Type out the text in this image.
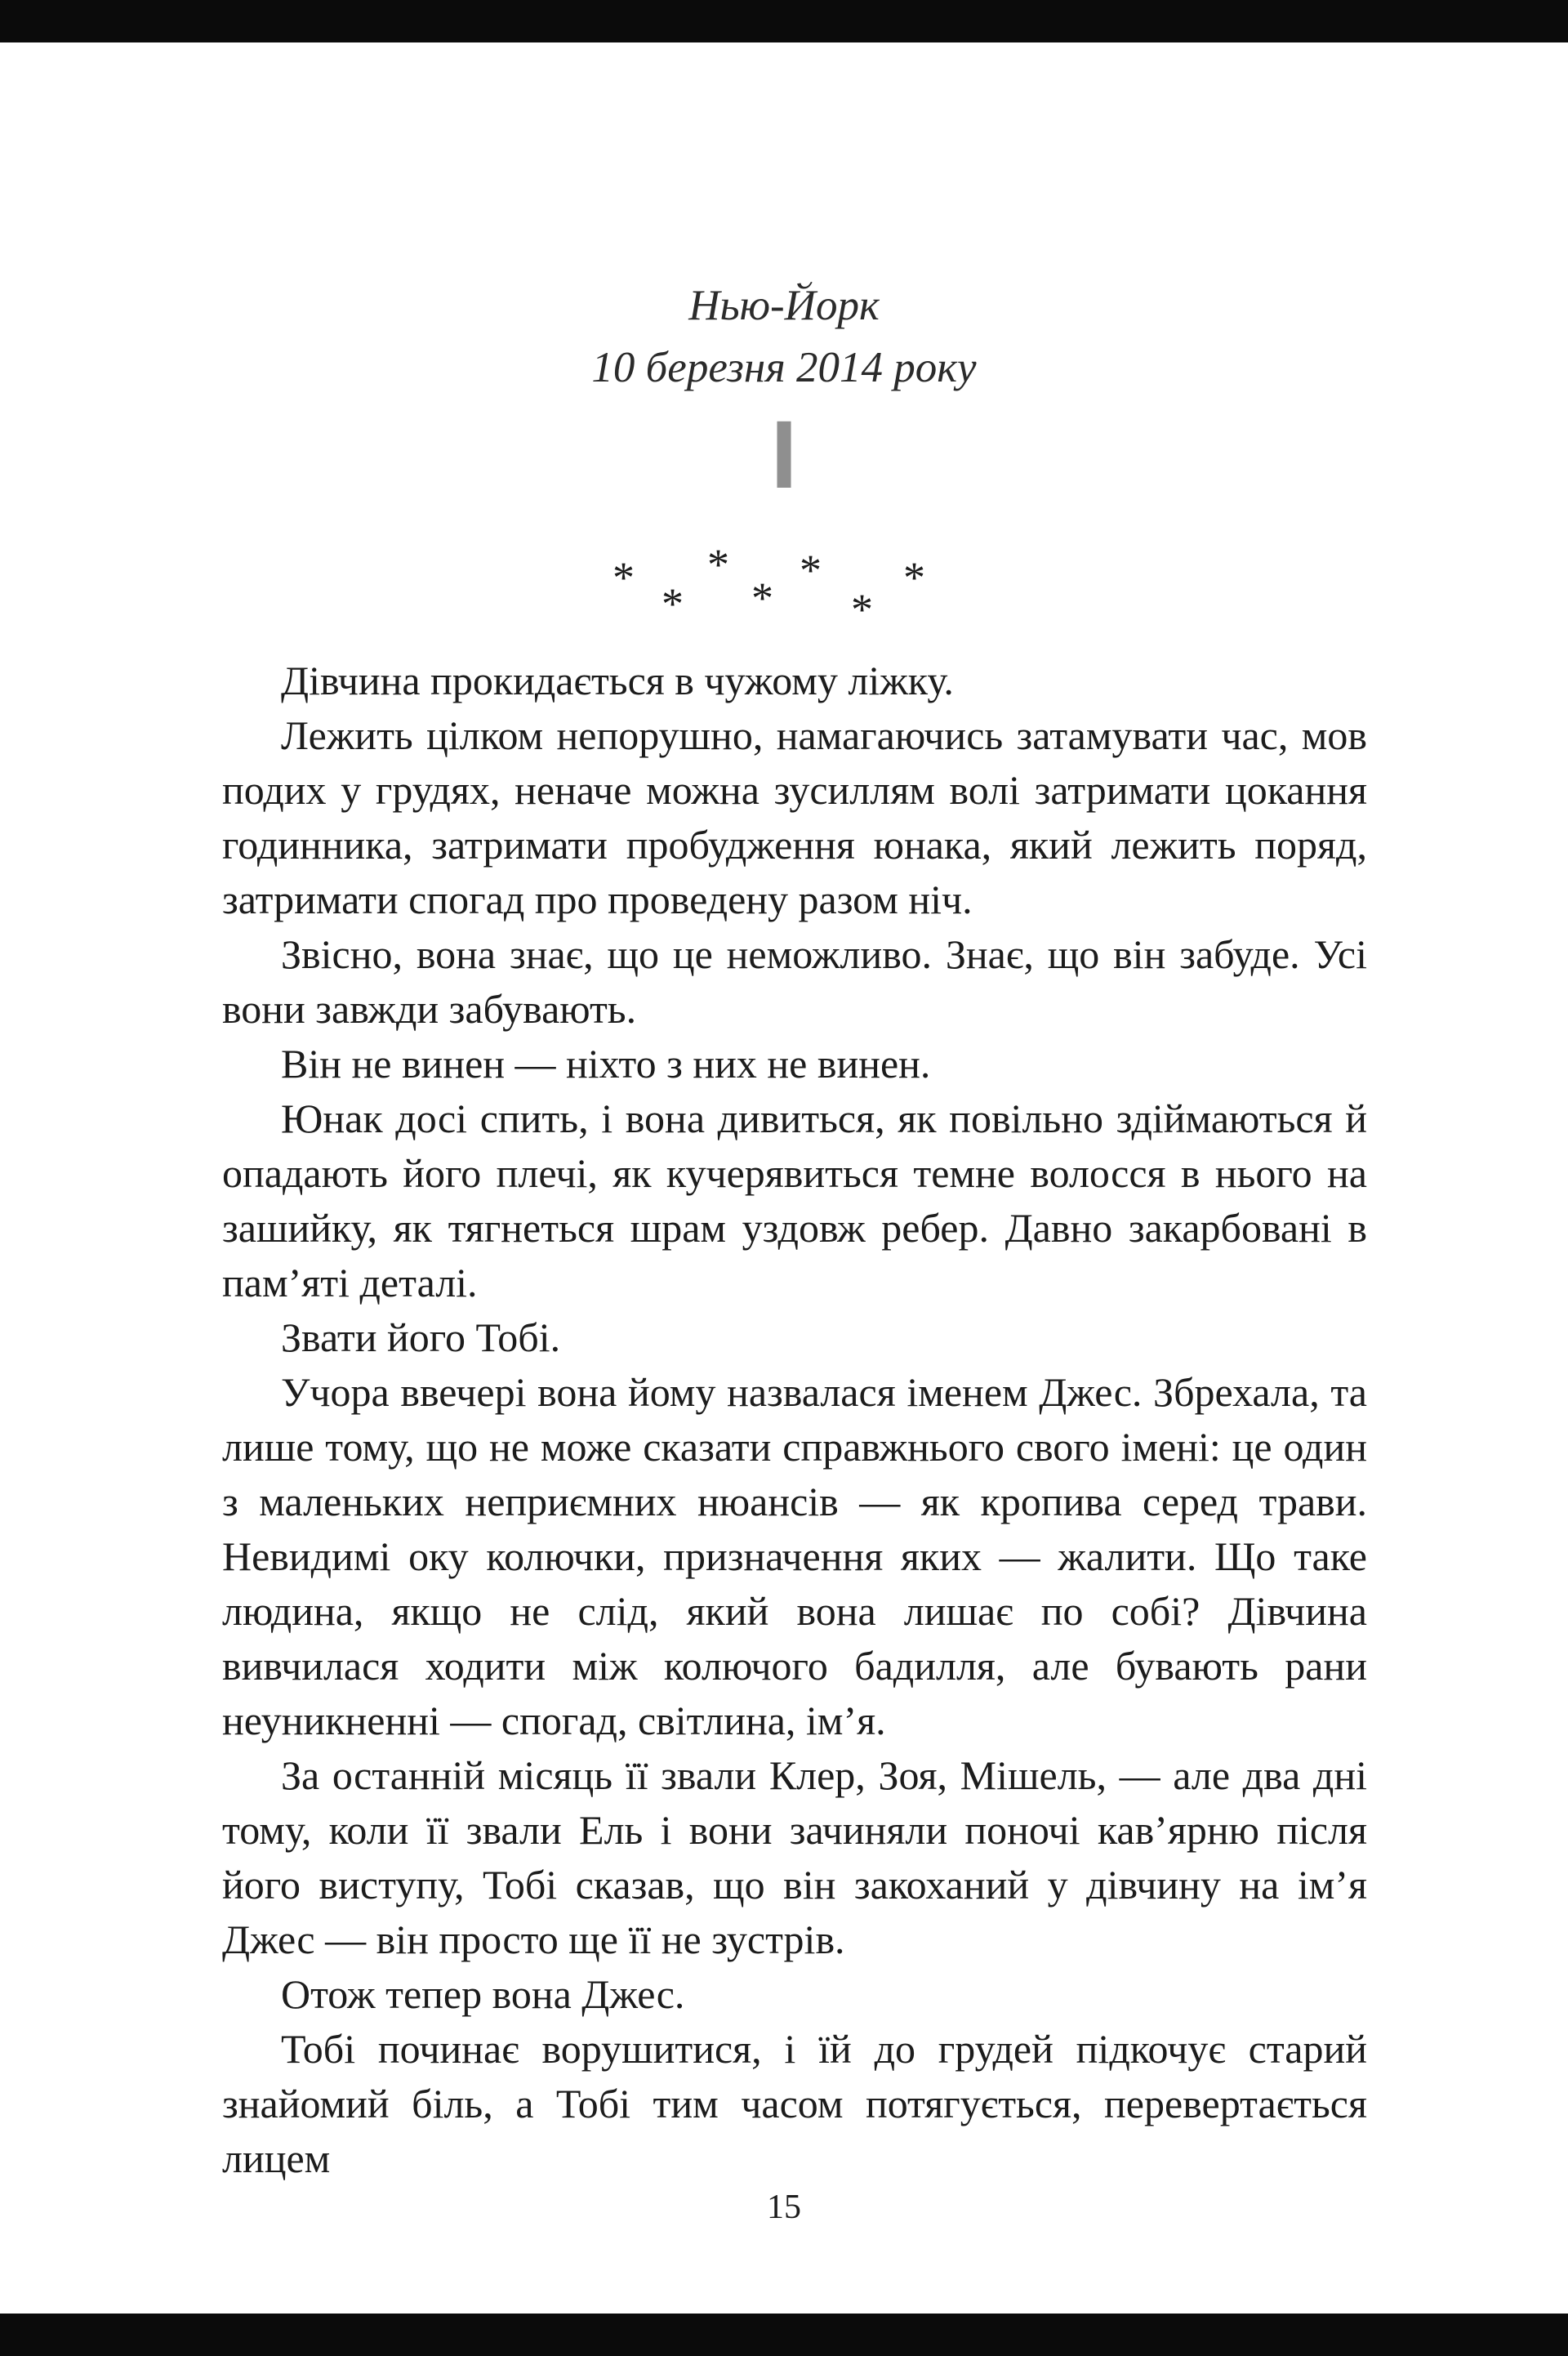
Нью-Йорк
10 березня 2014 року
I
*
*
*
*
*
*
*

Дівчина прокидається в чужому ліжку.

Лежить цілком непорушно, намагаючись затамувати час, мов подих у грудях, неначе можна зусиллям волі затримати цокання годинника, затримати пробудження юнака, який лежить поряд, затримати спогад про проведену разом ніч.

Звісно, вона знає, що це неможливо. Знає, що він забуде. Усі вони завжди забувають.

Він не винен — ніхто з них не винен.

Юнак досі спить, і вона дивиться, як повільно здіймаються й опадають його плечі, як кучерявиться темне волосся в нього на зашийку, як тягнеться шрам уздовж ребер. Давно закарбовані в пам’яті деталі.

Звати його Тобі.

Учора ввечері вона йому назвалася іменем Джес. Збрехала, та лише тому, що не може сказати справжнього свого імені: це один з маленьких неприємних нюансів — як кропива серед трави. Невидимі оку колючки, призначення яких — жалити. Що таке людина, якщо не слід, який вона лишає по собі? Дівчина вивчилася ходити між колючого бадилля, але бувають рани неуникненні — спогад, світлина, ім’я.

За останній місяць її звали Клер, Зоя, Мішель, — але два дні тому, коли її звали Ель і вони зачиняли поночі кав’ярню після його виступу, Тобі сказав, що він закоханий у дівчину на ім’я Джес — він просто ще її не зустрів.

Отож тепер вона Джес.

Тобі починає ворушитися, і їй до грудей підкочує старий знайомий біль, а Тобі тим часом потягується, перевертається лицем

15
